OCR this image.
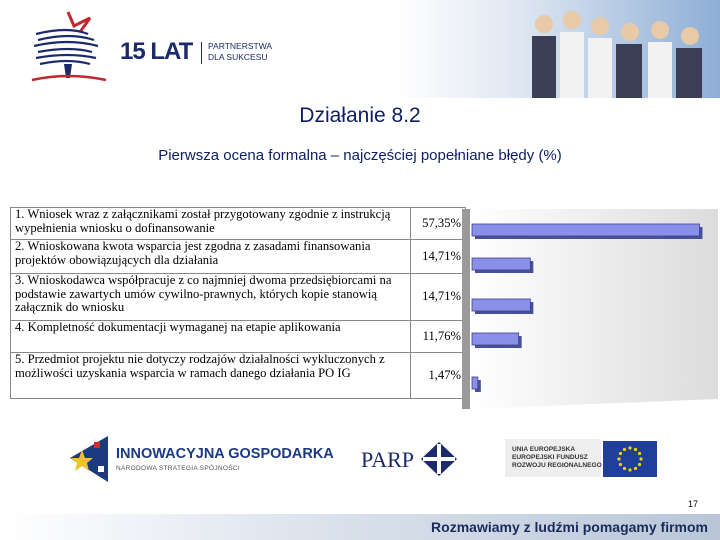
15 LAT PARTNERSTWA
DLA SUKCESU
Działanie 8.2
Pierwsza ocena formalna – najczęściej popełniane błędy (%)
1. Wniosek wraz z załącznikami został przygotowany zgodnie z instrukcją wypełnienia wniosku o dofinansowanie	57,35%
2. Wnioskowana kwota wsparcia jest zgodna z zasadami finansowania projektów obowiązujących dla działania	14,71%
3. Wnioskodawca współpracuje z co najmniej dwoma przedsiębiorcami na podstawie zawartych umów cywilno-prawnych, których kopie stanowią załącznik do wniosku	14,71%
4. Kompletność dokumentacji wymaganej na etapie aplikowania	11,76%
5. Przedmiot projektu nie dotyczy rodzajów działalności wykluczonych z możliwości uzyskania wsparcia w ramach danego działania PO IG	1,47%
INNOWACYJNA GOSPODARKA
NARODOWA STRATEGIA SPÓJNOŚCI	PARP	UNIA EUROPEJSKA
EUROPEJSKI FUNDUSZ
ROZWOJU REGIONALNEGO
17
Rozmawiamy z ludźmi pomagamy firmom
